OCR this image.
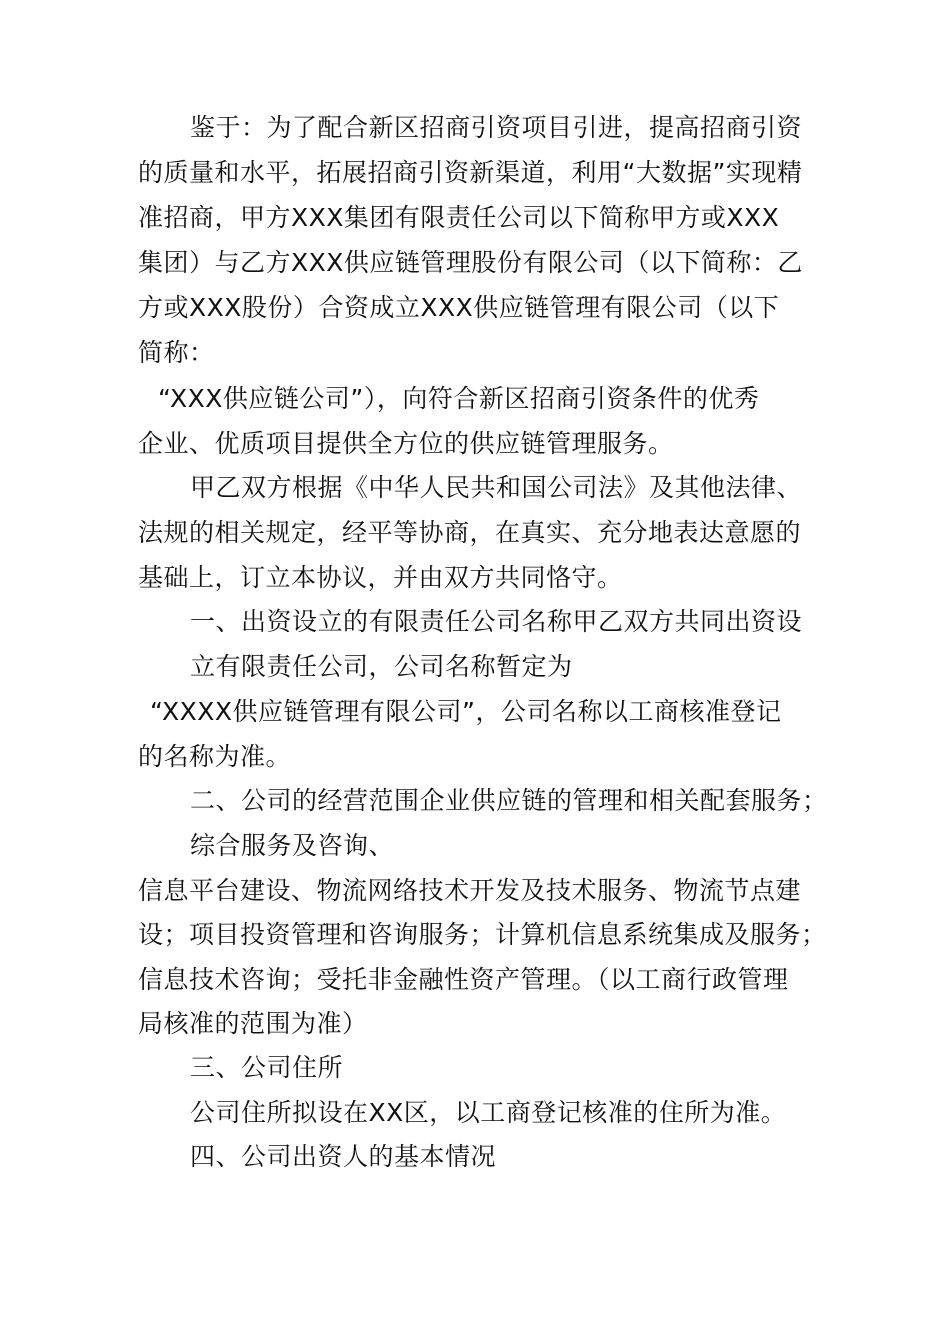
鉴于：为了配合新区招商引资项目引进，提高招商引资

的质量和水平，拓展招商引资新渠道，利用“大数据”实现精

准招商，甲方XXX集团有限责任公司以下简称甲方或XXX

集团）与乙方XXX供应链管理股份有限公司（以下简称：乙

方或XXX股份）合资成立XXX供应链管理有限公司（以下

简称：

“XXX供应链公司”），向符合新区招商引资条件的优秀

企业、优质项目提供全方位的供应链管理服务。

甲乙双方根据《中华人民共和国公司法》及其他法律、

法规的相关规定，经平等协商，在真实、充分地表达意愿的

基础上，订立本协议，并由双方共同恪守。

一、出资设立的有限责任公司名称甲乙双方共同出资设

立有限责任公司，公司名称暂定为

“XXXX供应链管理有限公司”，公司名称以工商核准登记

的名称为准。

二、公司的经营范围企业供应链的管理和相关配套服务；

综合服务及咨询、

信息平台建设、物流网络技术开发及技术服务、物流节点建

设；项目投资管理和咨询服务；计算机信息系统集成及服务；

信息技术咨询；受托非金融性资产管理。（以工商行政管理

局核准的范围为准）

三、公司住所

公司住所拟设在XX区，以工商登记核准的住所为准。

四、公司出资人的基本情况
